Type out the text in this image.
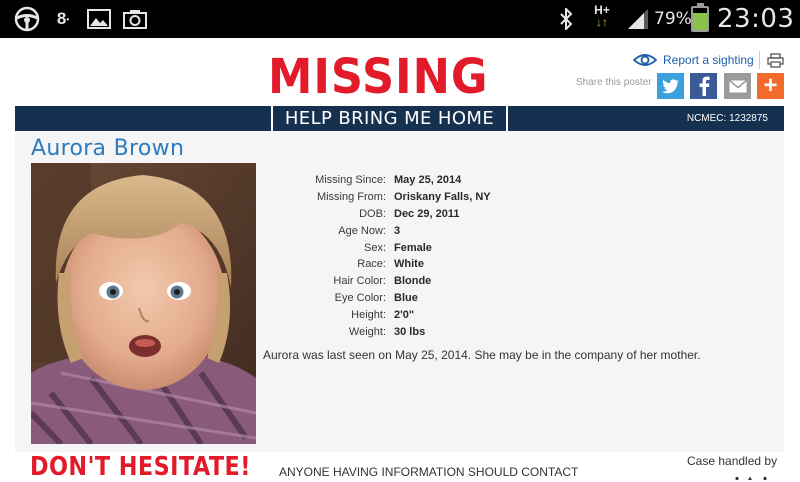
8 •
H+
↓↑	79% 23:03
MISSING	Report a sighting
Share this poster	+
HELP BRING ME HOME	NCMEC: 1232875
Aurora Brown
Missing Since: May 25, 2014
Missing From: Oriskany Falls, NY
DOB: Dec 29, 2011
Age Now: 3
Sex: Female
Race: White
Hair Color: Blonde
Eye Color: Blue
Height: 2'0"
Weight: 30 lbs
Aurora was last seen on May 25, 2014. She may be in the company of her mother.
DON'T HESITATE! ANYONE HAVING INFORMATION SHOULD CONTACT
Case handled by
